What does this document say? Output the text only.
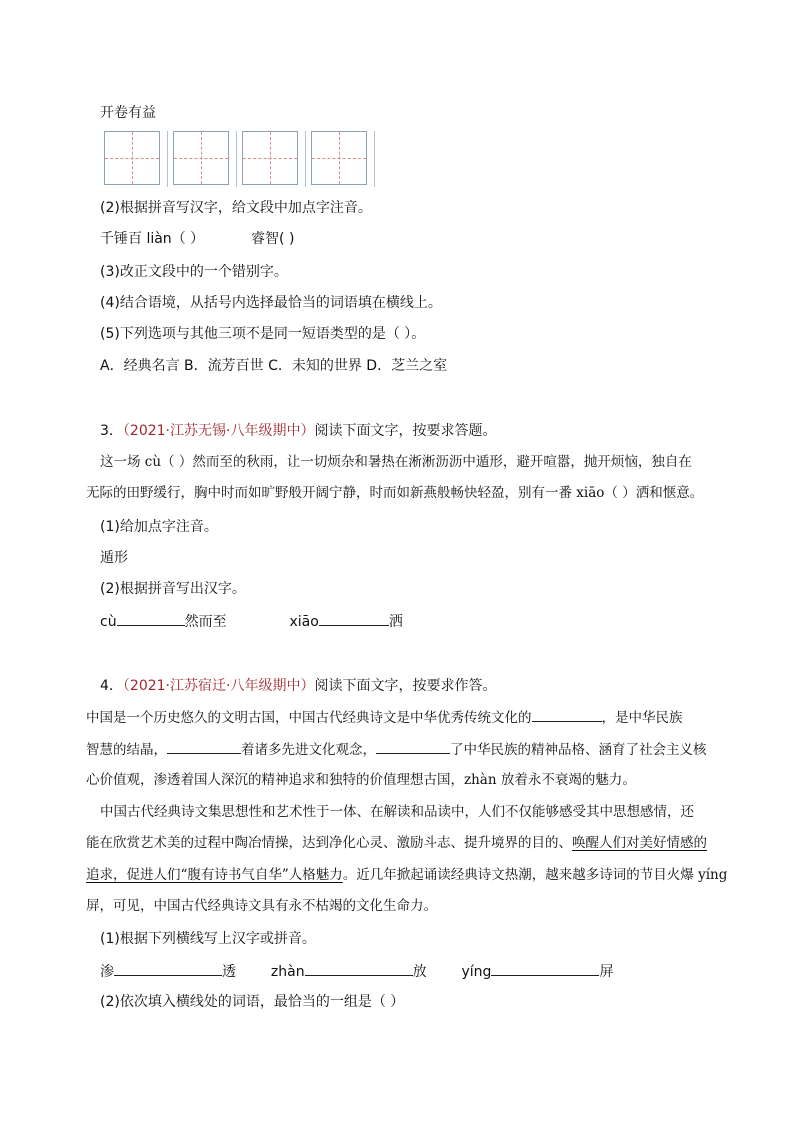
开卷有益
(2)根据拼音写汉字，给文段中加点字注音。
千锤百 liàn（ ）	睿智( )
(3)改正文段中的一个错别字。
(4)结合语境，从括号内选择最恰当的词语填在横线上。
(5)下列选项与其他三项不是同一短语类型的是（ ）。
A．经典名言 B．流芳百世 C．未知的世界 D．芝兰之室
3．（2021·江苏无锡·八年级期中）阅读下面文字，按要求答题。
这一场 cù（ ）然而至的秋雨，让一切烦杂和暑热在淅淅沥沥中遁形，避开喧嚣，抛开烦恼，独自在
无际的田野缓行，胸中时而如旷野般开阔宁静，时而如新燕般畅快轻盈，别有一番 xiāo（ ）洒和惬意。
(1)给加点字注音。
遁形
(2)根据拼音写出汉字。
cù	然而至	xiāo	洒
4．（2021·江苏宿迁·八年级期中）阅读下面文字，按要求作答。
中国是一个历史悠久的文明古国，中国古代经典诗文是中华优秀传统文化的	，是中华民族
智慧的结晶，	着诸多先进文化观念，	了中华民族的精神品格、涵育了社会主义核
心价值观，渗透着国人深沉的精神追求和独特的价值理想古国，zhàn 放着永不衰竭的魅力。
中国古代经典诗文集思想性和艺术性于一体、在解读和品读中，人们不仅能够感受其中思想感情，还
能在欣赏艺术美的过程中陶冶情操，达到净化心灵、激励斗志、提升境界的目的、唤醒人们对美好情感的
追求，促进人们“腹有诗书气自华”人格魅力。近几年掀起诵读经典诗文热潮，越来越多诗词的节目火爆 yíng
屏，可见，中国古代经典诗文具有永不枯竭的文化生命力。
(1)根据下列横线写上汉字或拼音。
渗	透 zhàn	放 yíng	屏
(2)依次填入横线处的词语，最恰当的一组是（ ）
